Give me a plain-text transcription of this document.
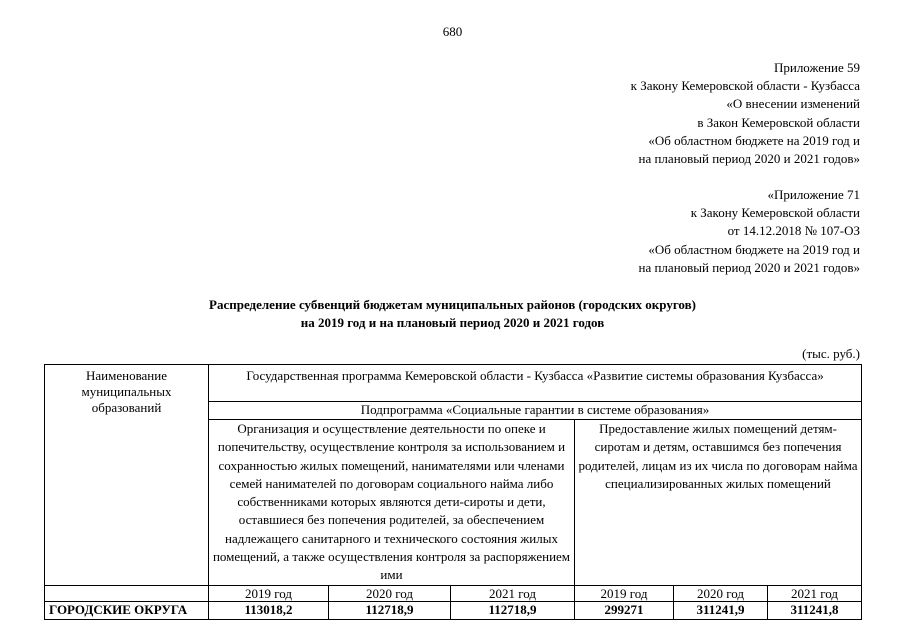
680
Приложение 59
к Закону Кемеровской области - Кузбасса
«О внесении изменений
в Закон Кемеровской области
«Об областном бюджете на 2019 год и
на плановый период 2020 и 2021 годов»
«Приложение 71
к Закону Кемеровской области
от 14.12.2018 № 107-ОЗ
«Об областном бюджете на 2019 год и
на плановый период 2020 и 2021 годов»
Распределение субвенций бюджетам муниципальных районов (городских округов)
на 2019 год и на плановый период 2020 и 2021 годов
(тыс. руб.)
Наименование муниципальных образований	Государственная программа Кемеровской области - Кузбасса «Развитие системы образования Кузбасса»					
	Подпрограмма «Социальные гарантии в системе образования»					
	Организация и осуществление деятельности по опеке и попечительству, осуществление контроля за использованием и сохранностью жилых помещений, нанимателями или членами семей нанимателей по договорам социального найма либо собственниками которых являются дети-сироты и дети, оставшиеся без попечения родителей, за обеспечением надлежащего санитарного и технического состояния жилых помещений, а также осуществления контроля за распоряжением ими			Предоставление жилых помещений детям-сиротам и детям, оставшимся без попечения родителей, лицам из их числа по договорам найма специализированных жилых помещений		
	2019 год	2020 год	2021 год	2019 год	2020 год	2021 год
ГОРОДСКИЕ ОКРУГА	113018,2	112718,9	112718,9	299271	311241,9	311241,8
